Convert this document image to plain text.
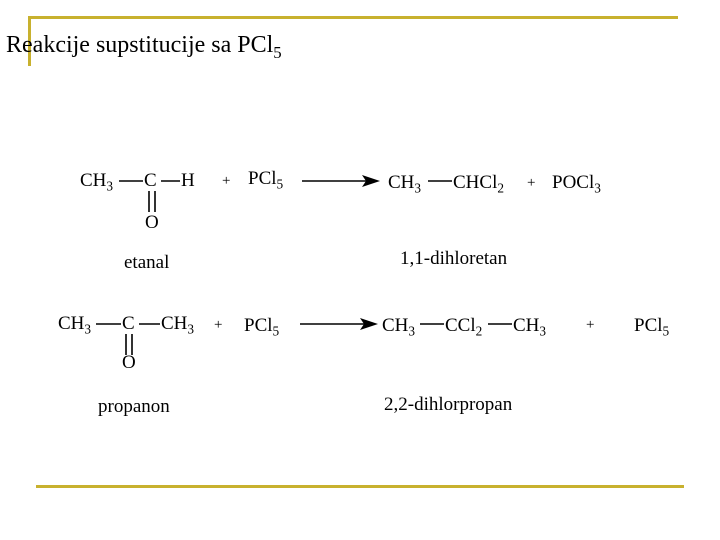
Reakcije supstitucije sa PCl$_5$
$CH_3$ C H
O
+ PCl$_5$	$CH_3$ CHCl$_2$ + POCl$_3$
etanal	1,1-dihloretan
$CH_3$ C $CH_3$
O
+ PCl$_5$	$CH_3$ CCl$_2$ $CH_3$	+ PCl$_5$
propanon	2,2-dihlorpropan
